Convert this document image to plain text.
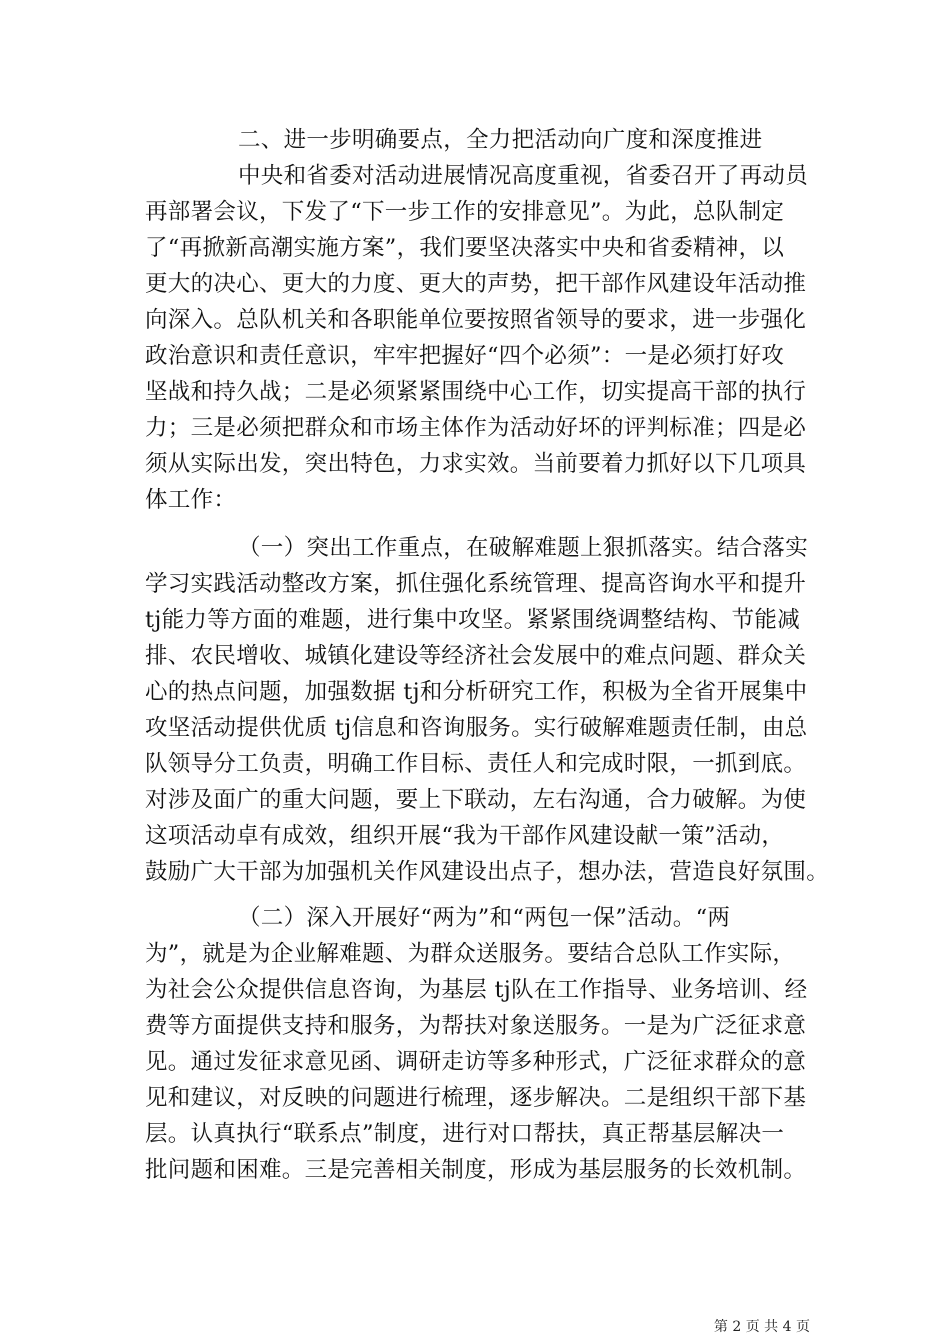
二、进一步明确要点，全力把活动向广度和深度推进
中央和省委对活动进展情况高度重视，省委召开了再动员
再部署会议，下发了“下一步工作的安排意见”。为此，总队制定
了“再掀新高潮实施方案”，我们要坚决落实中央和省委精神，以
更大的决心、更大的力度、更大的声势，把干部作风建设年活动推
向深入。总队机关和各职能单位要按照省领导的要求，进一步强化
政治意识和责任意识，牢牢把握好“四个必须”：一是必须打好攻
坚战和持久战；二是必须紧紧围绕中心工作，切实提高干部的执行
力；三是必须把群众和市场主体作为活动好坏的评判标准；四是必
须从实际出发，突出特色，力求实效。当前要着力抓好以下几项具
体工作：
（一）突出工作重点，在破解难题上狠抓落实。结合落实
学习实践活动整改方案，抓住强化系统管理、提高咨询水平和提升
tj能力等方面的难题，进行集中攻坚。紧紧围绕调整结构、节能减
排、农民增收、城镇化建设等经济社会发展中的难点问题、群众关
心的热点问题，加强数据 tj和分析研究工作，积极为全省开展集中
攻坚活动提供优质 tj信息和咨询服务。实行破解难题责任制，由总
队领导分工负责，明确工作目标、责任人和完成时限，一抓到底。
对涉及面广的重大问题，要上下联动，左右沟通，合力破解。为使
这项活动卓有成效，组织开展“我为干部作风建设献一策”活动，
鼓励广大干部为加强机关作风建设出点子，想办法，营造良好氛围。
（二）深入开展好“两为”和“两包一保”活动。“两
为”，就是为企业解难题、为群众送服务。要结合总队工作实际，
为社会公众提供信息咨询，为基层 tj队在工作指导、业务培训、经
费等方面提供支持和服务，为帮扶对象送服务。一是为广泛征求意
见。通过发征求意见函、调研走访等多种形式，广泛征求群众的意
见和建议，对反映的问题进行梳理，逐步解决。二是组织干部下基
层。认真执行“联系点”制度，进行对口帮扶，真正帮基层解决一
批问题和困难。三是完善相关制度，形成为基层服务的长效机制。
第 2 页 共 4 页
